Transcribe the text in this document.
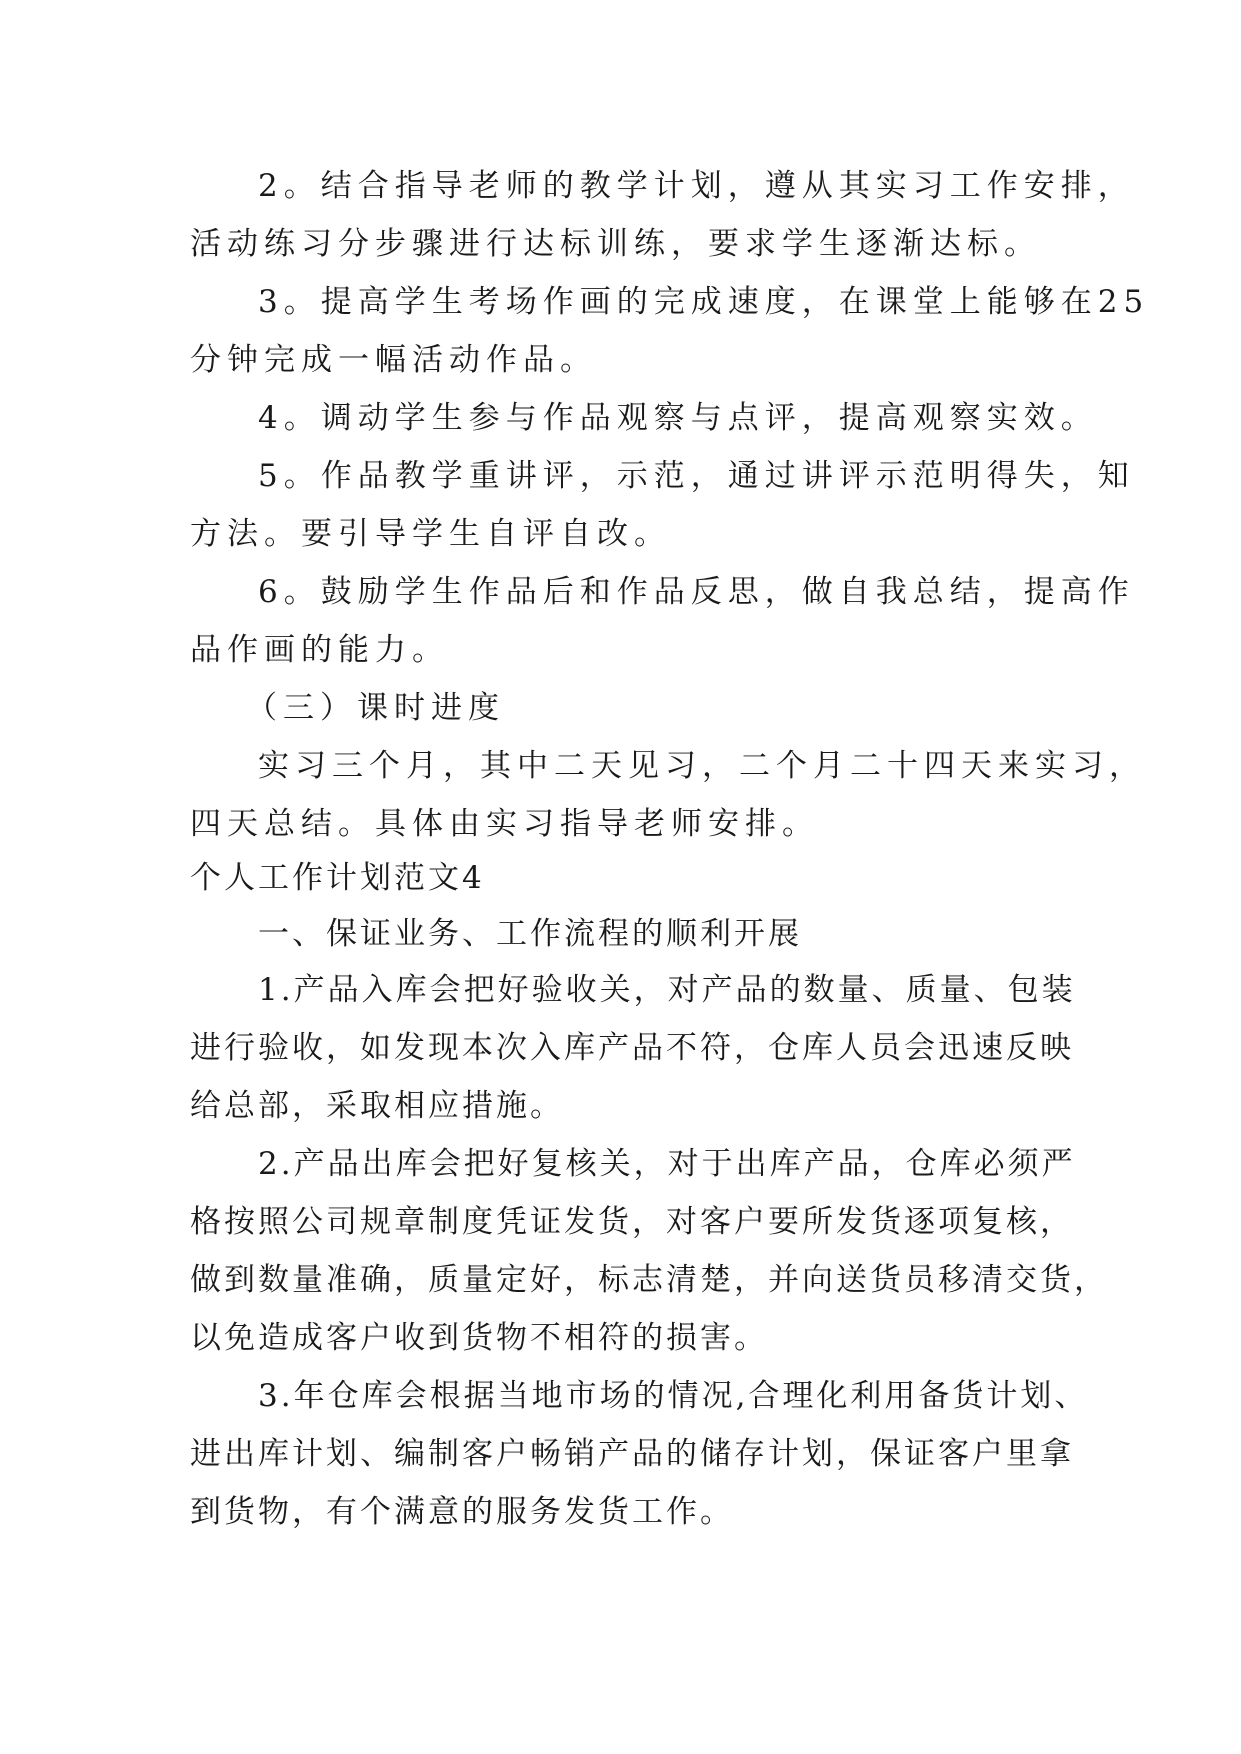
2。结合指导老师的教学计划，遵从其实习工作安排，
活动练习分步骤进行达标训练，要求学生逐渐达标。
3。提高学生考场作画的完成速度，在课堂上能够在25
分钟完成一幅活动作品。
4。调动学生参与作品观察与点评，提高观察实效。
5。作品教学重讲评，示范，通过讲评示范明得失，知
方法。要引导学生自评自改。
6。鼓励学生作品后和作品反思，做自我总结，提高作
品作画的能力。
（三）课时进度
实习三个月，其中二天见习，二个月二十四天来实习，
四天总结。具体由实习指导老师安排。
个人工作计划范文4
一、保证业务、工作流程的顺利开展
1.产品入库会把好验收关，对产品的数量、质量、包装
进行验收，如发现本次入库产品不符，仓库人员会迅速反映
给总部，采取相应措施。
2.产品出库会把好复核关，对于出库产品，仓库必须严
格按照公司规章制度凭证发货，对客户要所发货逐项复核，
做到数量准确，质量定好，标志清楚，并向送货员移清交货，
以免造成客户收到货物不相符的损害。
3.年仓库会根据当地市场的情况,合理化利用备货计划、
进出库计划、编制客户畅销产品的储存计划，保证客户里拿
到货物，有个满意的服务发货工作。
